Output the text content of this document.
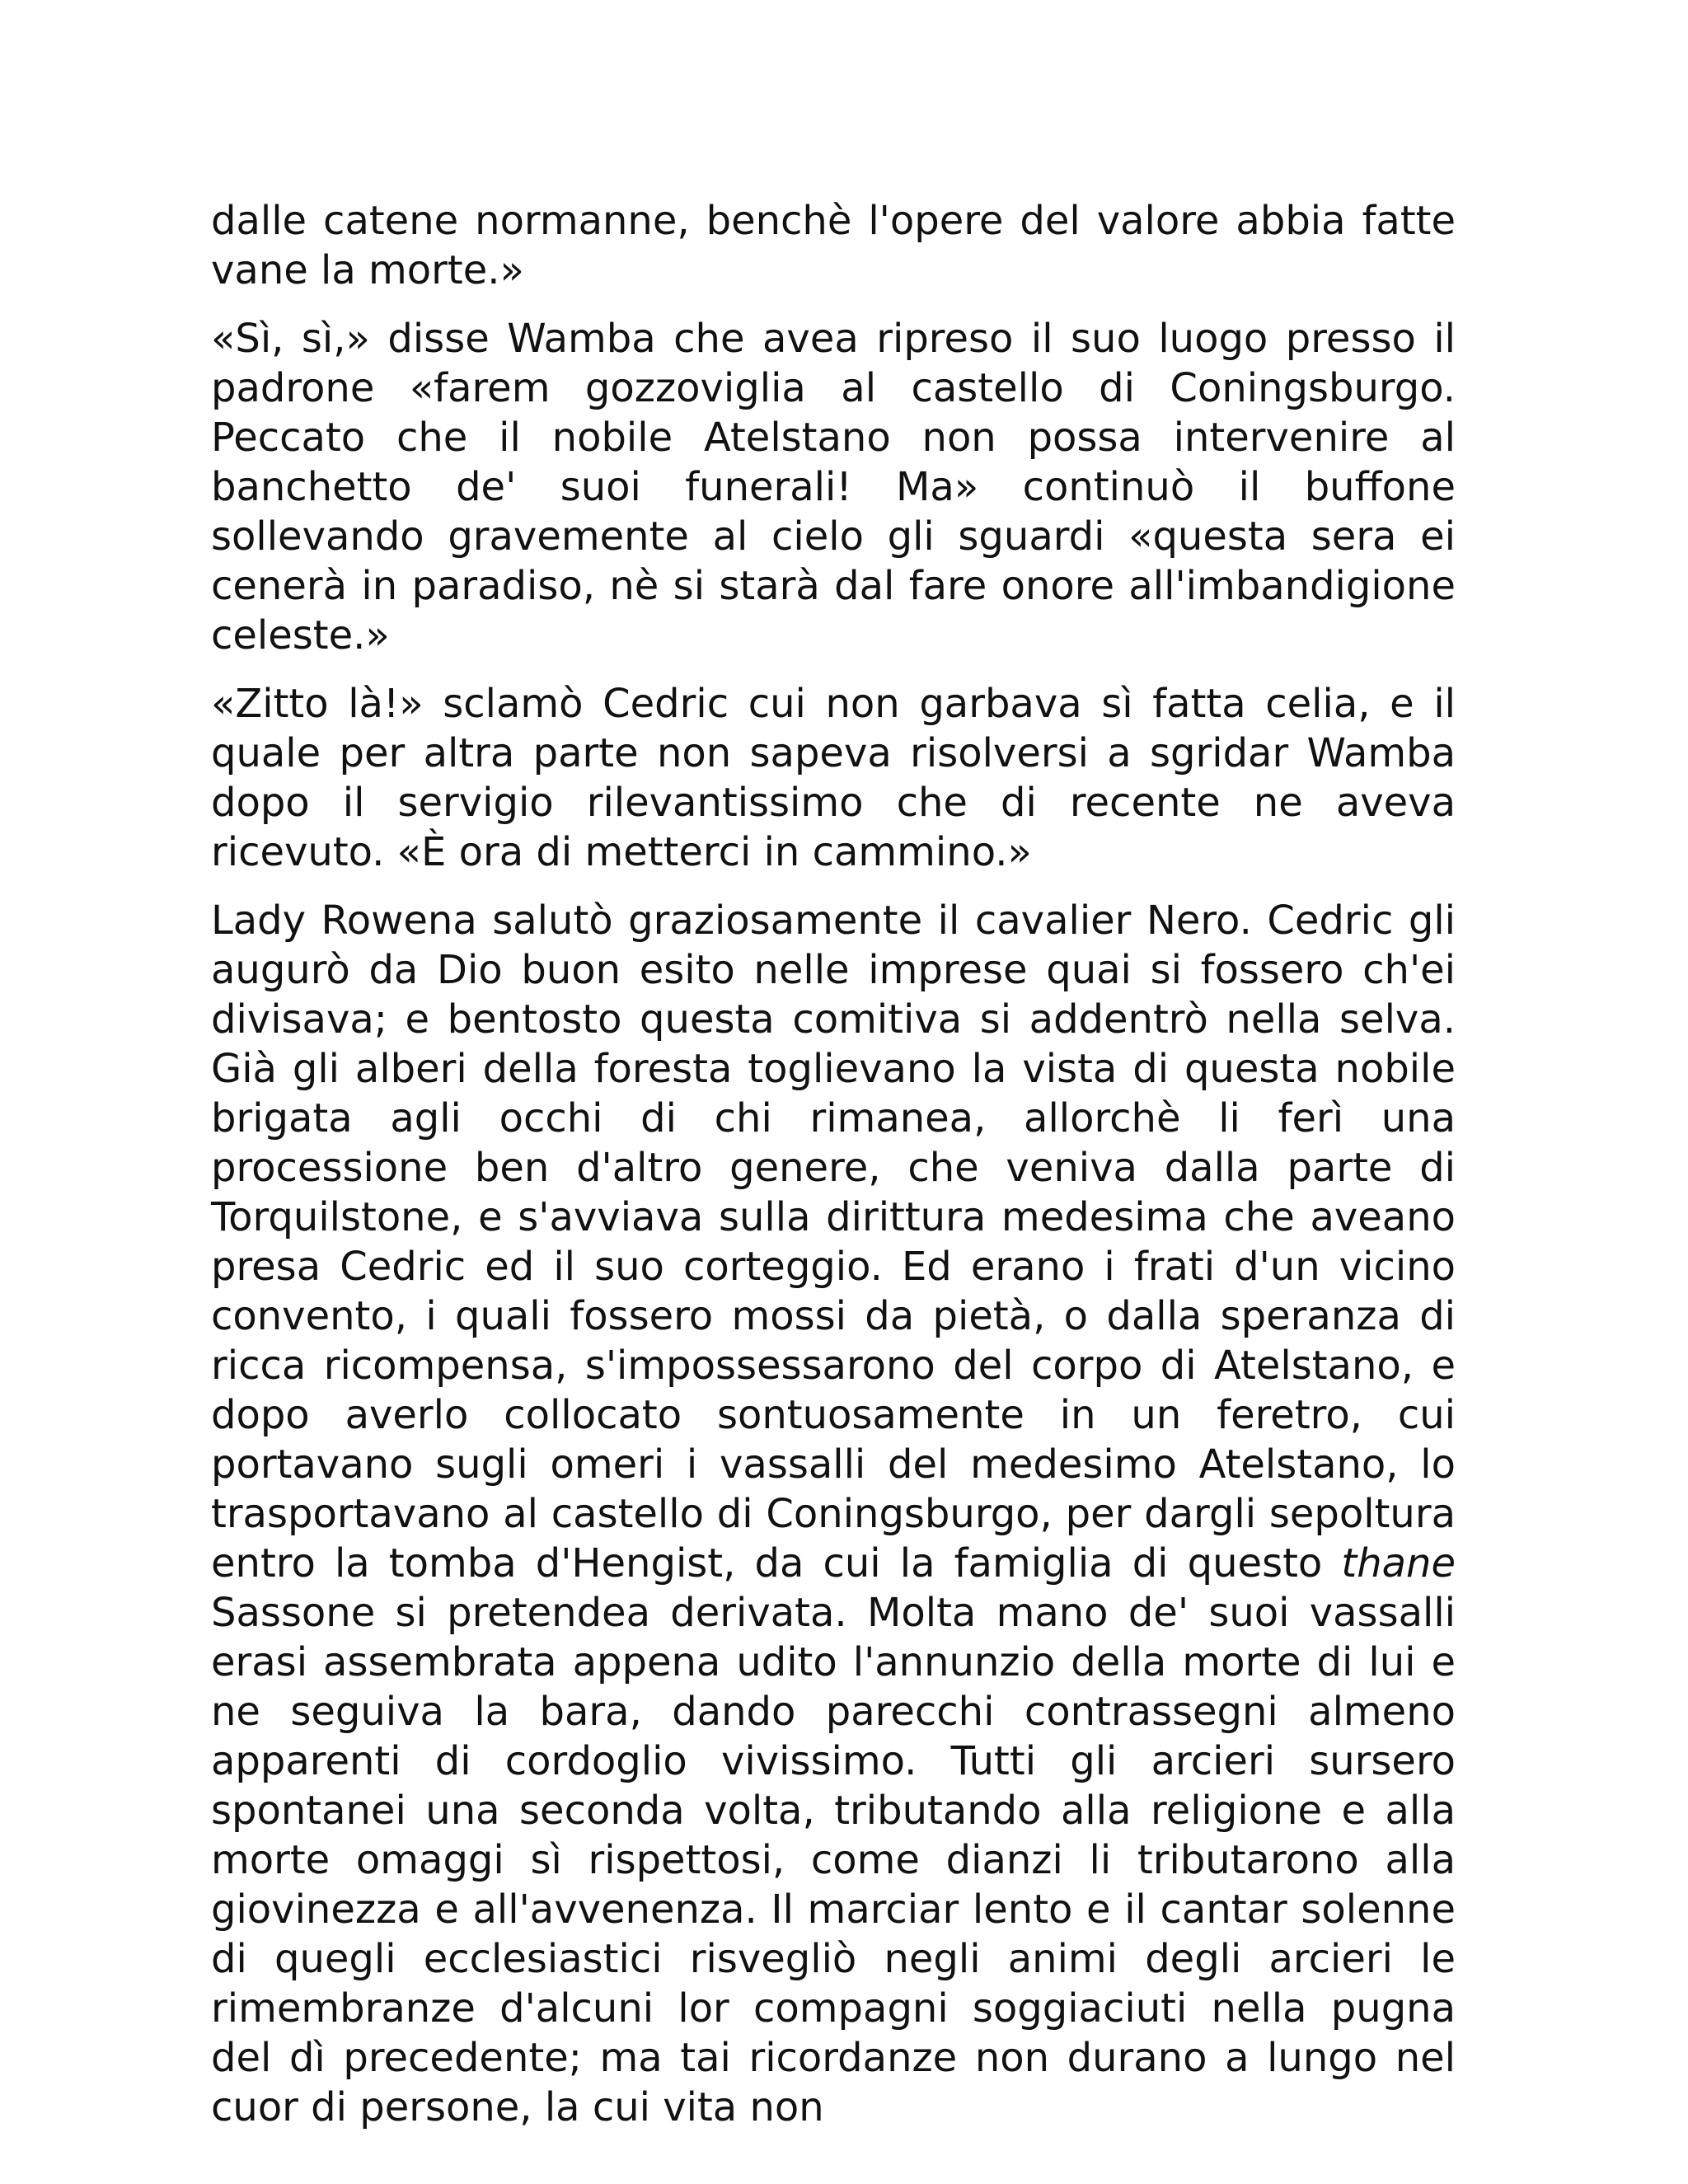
dalle catene normanne, benchè l'opere del valore abbia fatte vane la morte.»

«Sì, sì,» disse Wamba che avea ripreso il suo luogo presso il padrone «farem gozzoviglia al castello di Coningsburgo. Peccato che il nobile Atelstano non possa intervenire al banchetto de' suoi funerali! Ma» continuò il buffone sollevando gravemente al cielo gli sguardi «questa sera ei cenerà in paradiso, nè si starà dal fare onore all'imbandigione celeste.»

«Zitto là!» sclamò Cedric cui non garbava sì fatta celia, e il quale per altra parte non sapeva risolversi a sgridar Wamba dopo il servigio rilevantissimo che di recente ne aveva ricevuto. «È ora di metterci in cammino.»

Lady Rowena salutò graziosamente il cavalier Nero. Cedric gli augurò da Dio buon esito nelle imprese quai si fossero ch'ei divisava; e bentosto questa comitiva si addentrò nella selva. Già gli alberi della foresta toglievano la vista di questa nobile brigata agli occhi di chi rimanea, allorchè li ferì una processione ben d'altro genere, che veniva dalla parte di Torquilstone, e s'avviava sulla dirittura medesima che aveano presa Cedric ed il suo corteggio. Ed erano i frati d'un vicino convento, i quali fossero mossi da pietà, o dalla speranza di ricca ricompensa, s'impossessarono del corpo di Atelstano, e dopo averlo collocato sontuosamente in un feretro, cui portavano sugli omeri i vassalli del medesimo Atelstano, lo trasportavano al castello di Coningsburgo, per dargli sepoltura entro la tomba d'Hengist, da cui la famiglia di questo thane Sassone si pretendea derivata. Molta mano de' suoi vassalli erasi assembrata appena udito l'annunzio della morte di lui e ne seguiva la bara, dando parecchi contrassegni almeno apparenti di cordoglio vivissimo. Tutti gli arcieri sursero spontanei una seconda volta, tributando alla religione e alla morte omaggi sì rispettosi, come dianzi li tributarono alla giovinezza e all'avvenenza. Il marciar lento e il cantar solenne di quegli ecclesiastici risvegliò negli animi degli arcieri le rimembranze d'alcuni lor compagni soggiaciuti nella pugna del dì precedente; ma tai ricordanze non durano a lungo nel cuor di persone, la cui vita non
